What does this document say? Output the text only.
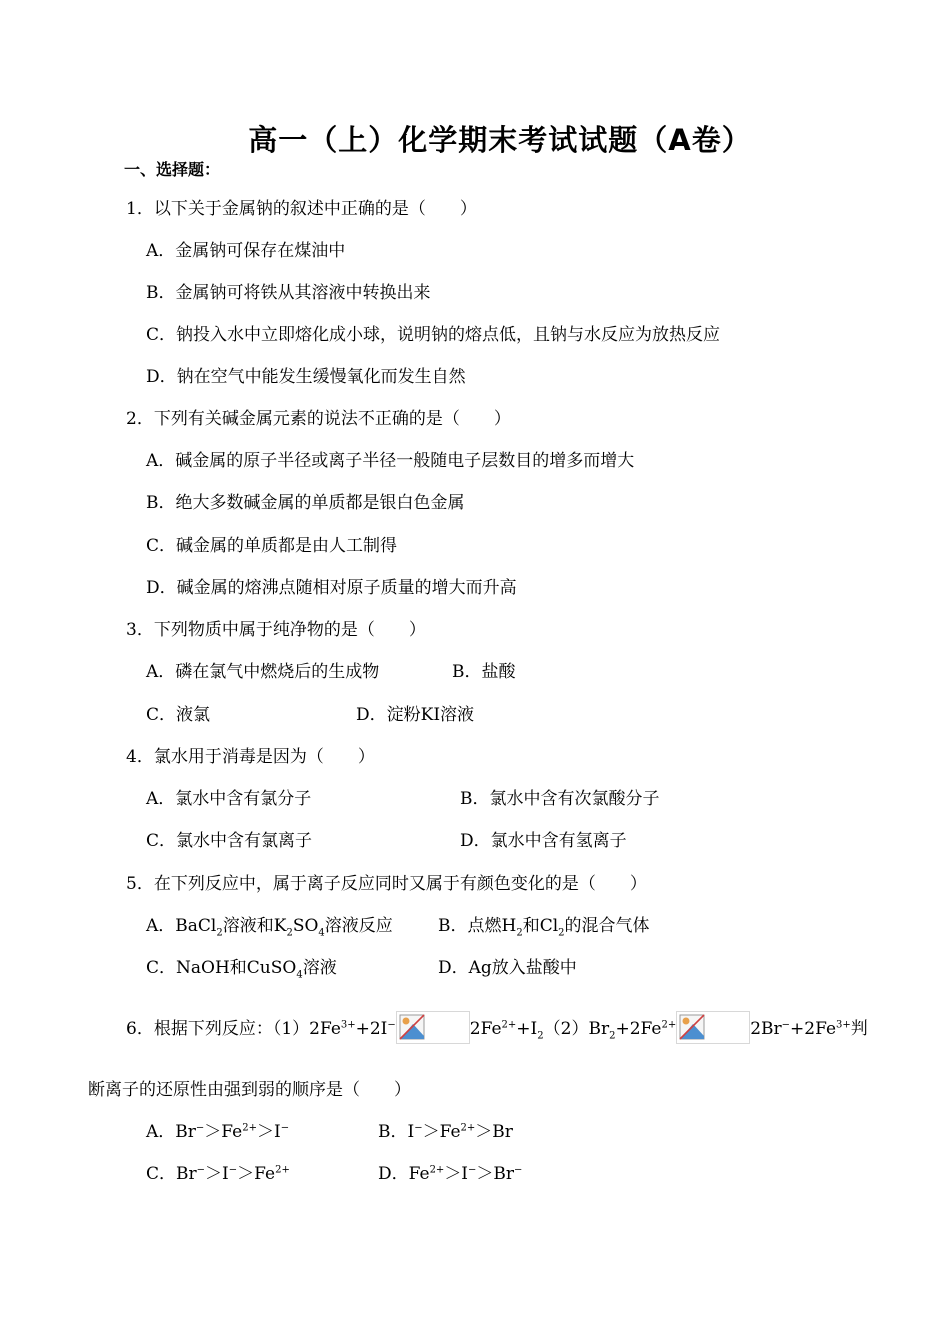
高一（上）化学期末考试试题（A卷）
一、选择题：
1．以下关于金属钠的叙述中正确的是（　　）
A．金属钠可保存在煤油中
B．金属钠可将铁从其溶液中转换出来
C．钠投入水中立即熔化成小球，说明钠的熔点低，且钠与水反应为放热反应
D．钠在空气中能发生缓慢氧化而发生自然
2．下列有关碱金属元素的说法不正确的是（　　）
A．碱金属的原子半径或离子半径一般随电子层数目的增多而增大
B．绝大多数碱金属的单质都是银白色金属
C．碱金属的单质都是由人工制得
D．碱金属的熔沸点随相对原子质量的增大而升高
3．下列物质中属于纯净物的是（　　）
A．磷在氯气中燃烧后的生成物	B．盐酸
C．液氯	D．淀粉KI溶液
4．氯水用于消毒是因为（　　）
A．氯水中含有氯分子	B．氯水中含有次氯酸分子
C．氯水中含有氯离子	D．氯水中含有氢离子
5．在下列反应中，属于离子反应同时又属于有颜色变化的是（　　）
A．BaCl$_2$溶液和$K_2SO_4$溶液反应	B．点燃$H_2$和$Cl_2$的混合气体
C．NaOH和CuSO$_4$溶液	D．Ag放入盐酸中
6．根据下列反应：$(1)2Fe^{3+}+2I^-$	$2Fe^{2+}+I_2(2)Br_2+2Fe^{2+}$	$2Br^-+2Fe^{3+}$判
断离子的还原性由强到弱的顺序是（　　）
A．$Br^->Fe^{2+}>I^-$	B．$I^->Fe^{2+}>Br$
C．$Br^->I^->Fe^{2+}$	D．$Fe^{2+}>I^->Br^-$
